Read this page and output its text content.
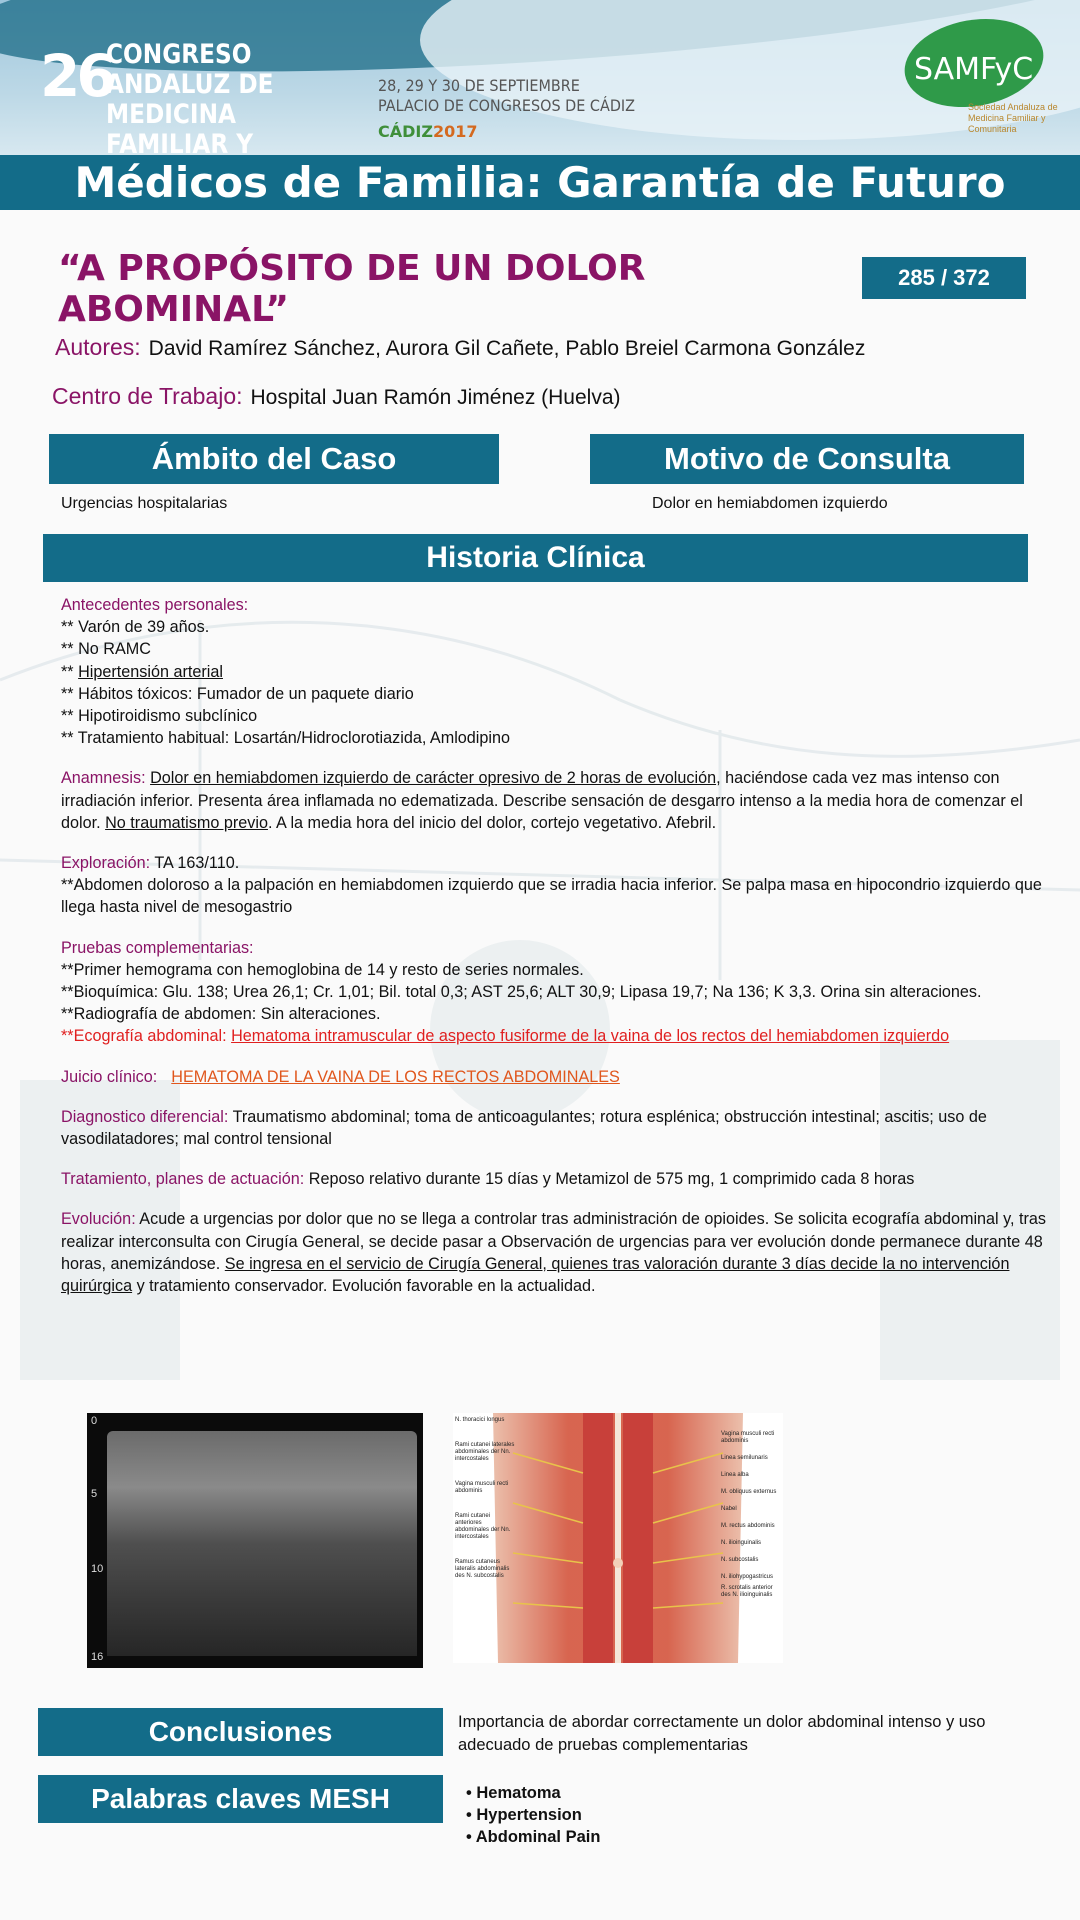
26
CONGRESO ANDALUZ DE MEDICINA FAMILIAR Y
28, 29 Y 30 DE SEPTIEMBRE
PALACIO DE CONGRESOS DE CÁDIZ
CÁDIZ2017
SAMFyC
Sociedad Andaluza de Medicina Familiar y Comunitaria
Médicos de Familia: Garantía de Futuro
“A PROPÓSITO DE UN DOLOR ABOMINAL”
285 / 372
Autores: David Ramírez Sánchez, Aurora Gil Cañete, Pablo Breiel Carmona González
Centro de Trabajo: Hospital Juan Ramón Jiménez (Huelva)
Ámbito del Caso
Urgencias hospitalarias
Motivo de Consulta
Dolor en hemiabdomen izquierdo
Historia Clínica
Antecedentes personales:
** Varón de 39 años.
** No RAMC
** Hipertensión arterial
** Hábitos tóxicos: Fumador de un paquete diario
** Hipotiroidismo subclínico
** Tratamiento habitual: Losartán/Hidroclorotiazida, Amlodipino
Anamnesis: Dolor en hemiabdomen izquierdo de carácter opresivo de 2 horas de evolución, haciéndose cada vez mas intenso con irradiación inferior. Presenta área inflamada no edematizada. Describe sensación de desgarro intenso a la media hora de comenzar el dolor. No traumatismo previo. A la media hora del inicio del dolor, cortejo vegetativo. Afebril.
Exploración: TA 163/110.
**Abdomen doloroso a la palpación en hemiabdomen izquierdo que se irradia hacia inferior. Se palpa masa en hipocondrio izquierdo que llega hasta nivel de mesogastrio
Pruebas complementarias:
**Primer hemograma con hemoglobina de 14 y resto de series normales.
**Bioquímica: Glu. 138; Urea 26,1; Cr. 1,01; Bil. total 0,3; AST 25,6; ALT 30,9; Lipasa 19,7; Na 136; K 3,3. Orina sin alteraciones.
**Radiografía de abdomen: Sin alteraciones.
**Ecografía abdominal: Hematoma intramuscular de aspecto fusiforme de la vaina de los rectos del hemiabdomen izquierdo
Juicio clínico: HEMATOMA DE LA VAINA DE LOS RECTOS ABDOMINALES
Diagnostico diferencial: Traumatismo abdominal; toma de anticoagulantes; rotura esplénica; obstrucción intestinal; ascitis; uso de vasodilatadores; mal control tensional
Tratamiento, planes de actuación: Reposo relativo durante 15 días y Metamizol de 575 mg, 1 comprimido cada 8 horas
Evolución: Acude a urgencias por dolor que no se llega a controlar tras administración de opioides. Se solicita ecografía abdominal y, tras realizar interconsulta con Cirugía General, se decide pasar a Observación de urgencias para ver evolución donde permanece durante 48 horas, anemizándose. Se ingresa en el servicio de Cirugía General, quienes tras valoración durante 3 días decide la no intervención quirúrgica y tratamiento conservador. Evolución favorable en la actualidad.
0
5
10
16
N. thoracici longus
Rami cutanei laterales abdominales der Nn. intercostales
Vagina musculi recti abdominis
Rami cutanei anteriores abdominales der Nn. intercostales
Ramus cutaneus lateralis abdominalis des N. subcostalis
Vagina musculi recti abdominis
Linea semilunaris
Linea alba
M. obliquus externus
Nabel
M. rectus abdominis
N. ilioinguinalis
N. subcostalis
N. iliohypogastricus
R. scrotalis anterior des N. ilioinguinalis
Conclusiones	Importancia de abordar correctamente un dolor abdominal intenso y uso adecuado de pruebas complementarias
Palabras claves MESH
•	Hematoma
• Hypertension
• Abdominal Pain
